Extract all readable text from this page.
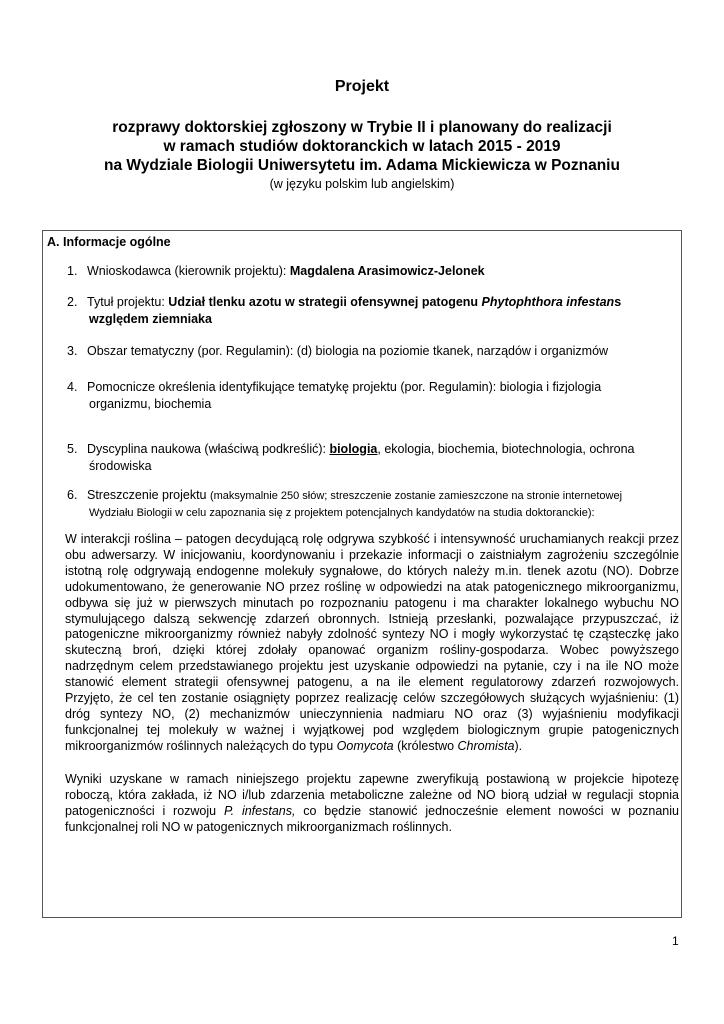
Projekt
rozprawy doktorskiej zgłoszony w Trybie II i planowany do realizacji
w ramach studiów doktoranckich w latach 2015 - 2019
na Wydziale Biologii Uniwersytetu im. Adama Mickiewicza w Poznaniu
(w języku polskim lub angielskim)
A. Informacje ogólne
1. Wnioskodawca (kierownik projektu): Magdalena Arasimowicz-Jelonek
2. Tytuł projektu: Udział tlenku azotu w strategii ofensywnej patogenu Phytophthora infestans
względem ziemniaka
3. Obszar tematyczny (por. Regulamin): (d) biologia na poziomie tkanek, narządów i organizmów
4. Pomocnicze określenia identyfikujące tematykę projektu (por. Regulamin): biologia i fizjologia
organizmu, biochemia
5. Dyscyplina naukowa (właściwą podkreślić): biologia, ekologia, biochemia, biotechnologia, ochrona
środowiska
6. Streszczenie projektu (maksymalnie 250 słów; streszczenie zostanie zamieszczone na stronie internetowej
Wydziału Biologii w celu zapoznania się z projektem potencjalnych kandydatów na studia doktoranckie):

W interakcji roślina – patogen decydującą rolę odgrywa szybkość i intensywność uruchamianych reakcji przez obu adwersarzy. W inicjowaniu, koordynowaniu i przekazie informacji o zaistniałym zagrożeniu szczególnie istotną rolę odgrywają endogenne molekuły sygnałowe, do których należy m.in. tlenek azotu (NO). Dobrze udokumentowano, że generowanie NO przez roślinę w odpowiedzi na atak patogenicznego mikroorganizmu, odbywa się już w pierwszych minutach po rozpoznaniu patogenu i ma charakter lokalnego wybuchu NO stymulującego dalszą sekwencję zdarzeń obronnych. Istnieją przesłanki, pozwalające przypuszczać, iż patogeniczne mikroorganizmy również nabyły zdolność syntezy NO i mogły wykorzystać tę cząsteczkę jako skuteczną broń, dzięki której zdołały opanować organizm rośliny-gospodarza. Wobec powyższego nadrzędnym celem przedstawianego projektu jest uzyskanie odpowiedzi na pytanie, czy i na ile NO może stanowić element strategii ofensywnej patogenu, a na ile element regulatorowy zdarzeń rozwojowych. Przyjęto, że cel ten zostanie osiągnięty poprzez realizację celów szczegółowych służących wyjaśnieniu: (1) dróg syntezy NO, (2) mechanizmów unieczynnienia nadmiaru NO oraz (3) wyjaśnieniu modyfikacji funkcjonalnej tej molekuły w ważnej i wyjątkowej pod względem biologicznym grupie patogenicznych mikroorganizmów roślinnych należących do typu Oomycota (królestwo Chromista).

Wyniki uzyskane w ramach niniejszego projektu zapewne zweryfikują postawioną w projekcie hipotezę roboczą, która zakłada, iż NO i/lub zdarzenia metaboliczne zależne od NO biorą udział w regulacji stopnia patogeniczności i rozwoju P. infestans, co będzie stanowić jednocześnie element nowości w poznaniu funkcjonalnej roli NO w patogenicznych mikroorganizmach roślinnych.

1
